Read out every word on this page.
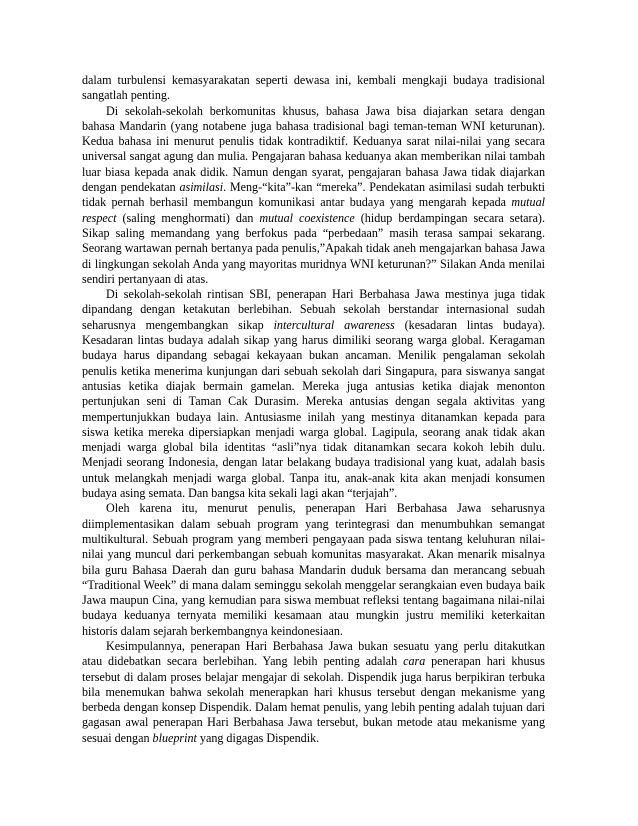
dalam turbulensi kemasyarakatan seperti dewasa ini, kembali mengkaji budaya tradisional sangatlah penting.

Di sekolah-sekolah berkomunitas khusus, bahasa Jawa bisa diajarkan setara dengan bahasa Mandarin (yang notabene juga bahasa tradisional bagi teman-teman WNI keturunan). Kedua bahasa ini menurut penulis tidak kontradiktif. Keduanya sarat nilai-nilai yang secara universal sangat agung dan mulia. Pengajaran bahasa keduanya akan memberikan nilai tambah luar biasa kepada anak didik. Namun dengan syarat, pengajaran bahasa Jawa tidak diajarkan dengan pendekatan asimilasi. Meng-“kita”-kan “mereka”. Pendekatan asimilasi sudah terbukti tidak pernah berhasil membangun komunikasi antar budaya yang mengarah kepada mutual respect (saling menghormati) dan mutual coexistence (hidup berdampingan secara setara). Sikap saling memandang yang berfokus pada “perbedaan” masih terasa sampai sekarang. Seorang wartawan pernah bertanya pada penulis,”Apakah tidak aneh mengajarkan bahasa Jawa di lingkungan sekolah Anda yang mayoritas muridnya WNI keturunan?” Silakan Anda menilai sendiri pertanyaan di atas.

Di sekolah-sekolah rintisan SBI, penerapan Hari Berbahasa Jawa mestinya juga tidak dipandang dengan ketakutan berlebihan. Sebuah sekolah berstandar internasional sudah seharusnya mengembangkan sikap intercultural awareness (kesadaran lintas budaya). Kesadaran lintas budaya adalah sikap yang harus dimiliki seorang warga global. Keragaman budaya harus dipandang sebagai kekayaan bukan ancaman. Menilik pengalaman sekolah penulis ketika menerima kunjungan dari sebuah sekolah dari Singapura, para siswanya sangat antusias ketika diajak bermain gamelan. Mereka juga antusias ketika diajak menonton pertunjukan seni di Taman Cak Durasim. Mereka antusias dengan segala aktivitas yang mempertunjukkan budaya lain. Antusiasme inilah yang mestinya ditanamkan kepada para siswa ketika mereka dipersiapkan menjadi warga global. Lagipula, seorang anak tidak akan menjadi warga global bila identitas “asli”nya tidak ditanamkan secara kokoh lebih dulu. Menjadi seorang Indonesia, dengan latar belakang budaya tradisional yang kuat, adalah basis untuk melangkah menjadi warga global. Tanpa itu, anak-anak kita akan menjadi konsumen budaya asing semata. Dan bangsa kita sekali lagi akan “terjajah”.

Oleh karena itu, menurut penulis, penerapan Hari Berbahasa Jawa seharusnya diimplementasikan dalam sebuah program yang terintegrasi dan menumbuhkan semangat multikultural. Sebuah program yang memberi pengayaan pada siswa tentang keluhuran nilai-nilai yang muncul dari perkembangan sebuah komunitas masyarakat. Akan menarik misalnya bila guru Bahasa Daerah dan guru bahasa Mandarin duduk bersama dan merancang sebuah “Traditional Week” di mana dalam seminggu sekolah menggelar serangkaian even budaya baik Jawa maupun Cina, yang kemudian para siswa membuat refleksi tentang bagaimana nilai-nilai budaya keduanya ternyata memiliki kesamaan atau mungkin justru memiliki keterkaitan historis dalam sejarah berkembangnya keindonesiaan.

Kesimpulannya, penerapan Hari Berbahasa Jawa bukan sesuatu yang perlu ditakutkan atau didebatkan secara berlebihan. Yang lebih penting adalah cara penerapan hari khusus tersebut di dalam proses belajar mengajar di sekolah. Dispendik juga harus berpikiran terbuka bila menemukan bahwa sekolah menerapkan hari khusus tersebut dengan mekanisme yang berbeda dengan konsep Dispendik. Dalam hemat penulis, yang lebih penting adalah tujuan dari gagasan awal penerapan Hari Berbahasa Jawa tersebut, bukan metode atau mekanisme yang sesuai dengan blueprint yang digagas Dispendik.
